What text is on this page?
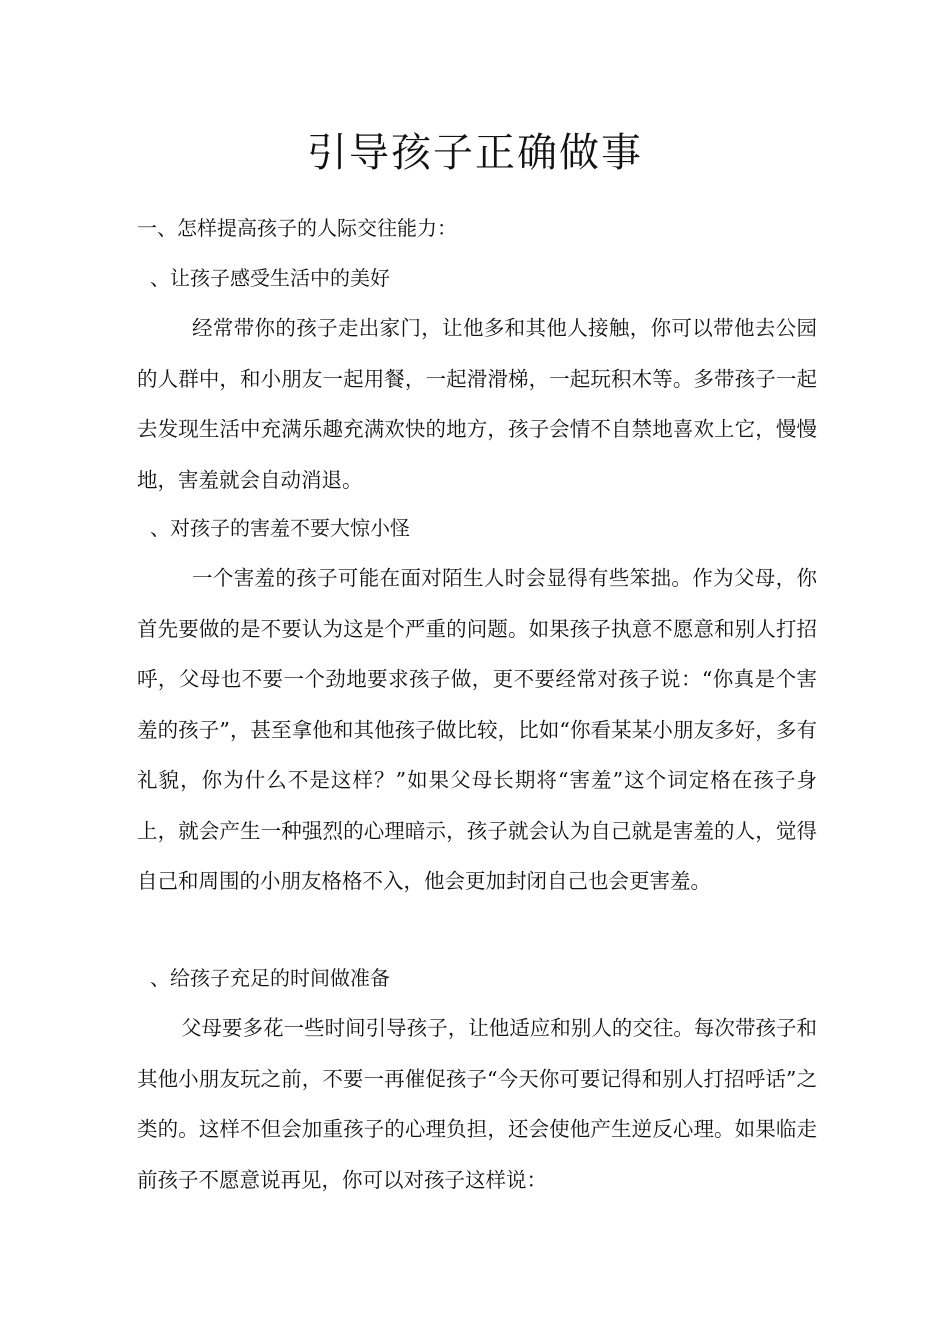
引导孩子正确做事

一、怎样提高孩子的人际交往能力：

、让孩子感受生活中的美好

经常带你的孩子走出家门，让他多和其他人接触，你可以带他去公园的人群中，和小朋友一起用餐，一起滑滑梯，一起玩积木等。多带孩子一起去发现生活中充满乐趣充满欢快的地方，孩子会情不自禁地喜欢上它，慢慢地，害羞就会自动消退。

、对孩子的害羞不要大惊小怪

一个害羞的孩子可能在面对陌生人时会显得有些笨拙。作为父母，你首先要做的是不要认为这是个严重的问题。如果孩子执意不愿意和别人打招呼，父母也不要一个劲地要求孩子做，更不要经常对孩子说：“你真是个害羞的孩子”，甚至拿他和其他孩子做比较，比如“你看某某小朋友多好，多有礼貌，你为什么不是这样？”如果父母长期将“害羞”这个词定格在孩子身上，就会产生一种强烈的心理暗示，孩子就会认为自己就是害羞的人，觉得自己和周围的小朋友格格不入，他会更加封闭自己也会更害羞。

、给孩子充足的时间做准备

父母要多花一些时间引导孩子，让他适应和别人的交往。每次带孩子和其他小朋友玩之前，不要一再催促孩子“今天你可要记得和别人打招呼话”之类的。这样不但会加重孩子的心理负担，还会使他产生逆反心理。如果临走前孩子不愿意说再见，你可以对孩子这样说：
